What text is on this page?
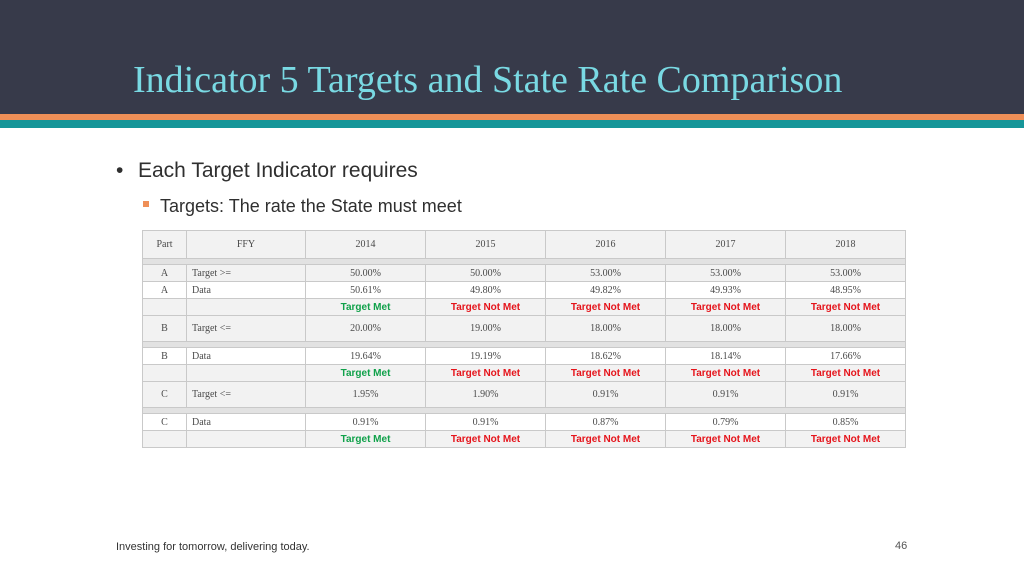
Indicator 5 Targets and State Rate Comparison
• Each Target Indicator requires
Targets: The rate the State must meet
Part	FFY	2014	2015	2016	2017	2018

A	Target >=	50.00%	50.00%	53.00%	53.00%	53.00%
A	Data	50.61%	49.80%	49.82%	49.93%	48.95%
		Target Met	Target Not Met	Target Not Met	Target Not Met	Target Not Met
B	Target <=	20.00%	19.00%	18.00%	18.00%	18.00%

B	Data	19.64%	19.19%	18.62%	18.14%	17.66%
		Target Met	Target Not Met	Target Not Met	Target Not Met	Target Not Met
C	Target <=	1.95%	1.90%	0.91%	0.91%	0.91%

C	Data	0.91%	0.91%	0.87%	0.79%	0.85%
		Target Met	Target Not Met	Target Not Met	Target Not Met	Target Not Met
Investing for tomorrow, delivering today.	46
